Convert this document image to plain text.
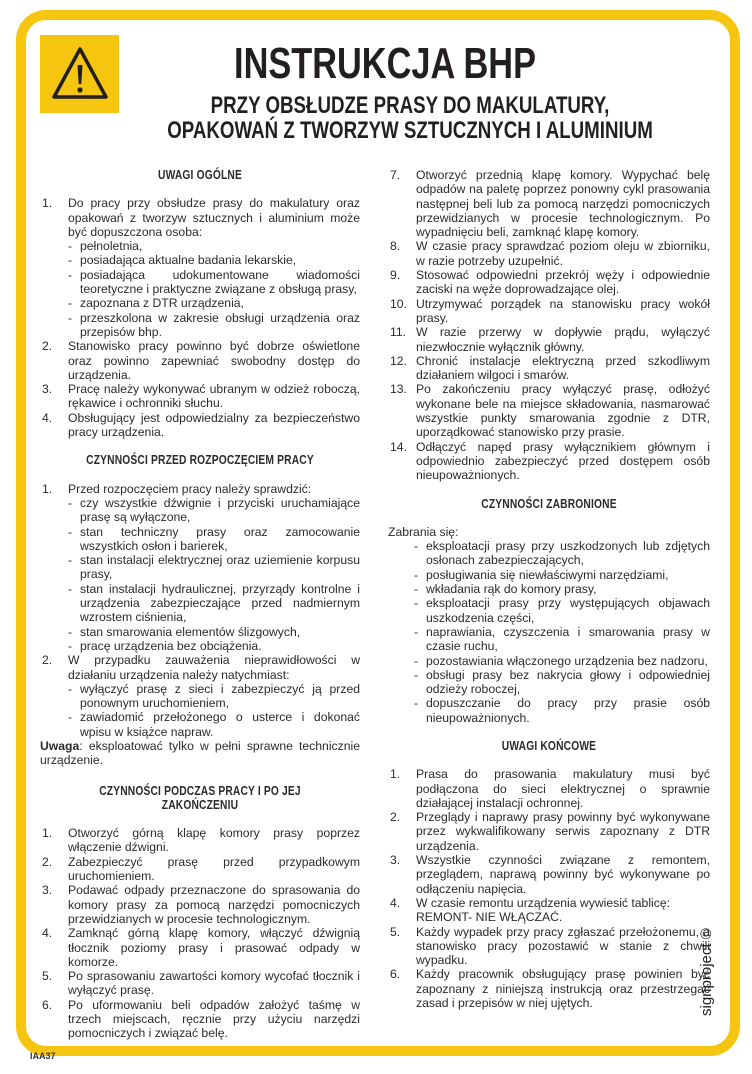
INSTRUKCJA BHP
PRZY OBSŁUDZE PRASY DO MAKULATURY,
OPAKOWAŃ Z TWORZYW SZTUCZNYCH I ALUMINIUM

UWAGI OGÓLNE

1. Do pracy przy obsłudze prasy do makulatury oraz opakowań z tworzyw sztucznych i aluminium może być dopuszczona osoba:

- pełnoletnia,
- posiadająca aktualne badania lekarskie,
- posiadająca udokumentowane wiadomości teoretyczne i praktyczne związane z obsługą prasy,
- zapoznana z DTR urządzenia,
- przeszkolona w zakresie obsługi urządzenia oraz przepisów bhp.
2. Stanowisko pracy powinno być dobrze oświetlone oraz powinno zapewniać swobodny dostęp do urządzenia.

3. Pracę należy wykonywać ubranym w odzież roboczą, rękawice i ochronniki słuchu.

4. Obsługujący jest odpowiedzialny za bezpieczeństwo pracy urządzenia.

CZYNNOŚCI PRZED ROZPOCZĘCIEM PRACY

1. Przed rozpoczęciem pracy należy sprawdzić:

- czy wszystkie dźwignie i przyciski uruchamiające prasę są wyłączone,
- stan techniczny prasy oraz zamocowanie wszystkich osłon i barierek,
- stan instalacji elektrycznej oraz uziemienie korpusu prasy,
- stan instalacji hydraulicznej, przyrządy kontrolne i urządzenia zabezpieczające przed nadmiernym wzrostem ciśnienia,
- stan smarowania elementów ślizgowych,
- pracę urządzenia bez obciążenia.
2. W przypadku zauważenia nieprawidłowości w działaniu urządzenia należy natychmiast:

- wyłączyć prasę z sieci i zabezpieczyć ją przed ponownym uruchomieniem,
- zawiadomić przełożonego o usterce i dokonać wpisu w książce napraw.

Uwaga: eksploatować tylko w pełni sprawne technicznie urządzenie.

CZYNNOŚCI PODCZAS PRACY I PO JEJ ZAKOŃCZENIU

1. Otworzyć górną klapę komory prasy poprzez włączenie dźwigni.

2. Zabezpieczyć prasę przed przypadkowym uruchomieniem.

3. Podawać odpady przeznaczone do sprasowania do komory prasy za pomocą narzędzi pomocniczych przewidzianych w procesie technologicznym.

4. Zamknąć górną klapę komory, włączyć dźwignią tłocznik poziomy prasy i prasować odpady w komorze.

5. Po sprasowaniu zawartości komory wycofać tłocznik i wyłączyć prasę.

6. Po uformowaniu beli odpadów założyć taśmę w trzech miejscach, ręcznie przy użyciu narzędzi pomocniczych i związać belę.

7. Otworzyć przednią klapę komory. Wypychać belę odpadów na paletę poprzez ponowny cykl prasowania następnej beli lub za pomocą narzędzi pomocniczych przewidzianych w procesie technologicznym. Po wypadnięciu beli, zamknąć klapę komory.

8. W czasie pracy sprawdzać poziom oleju w zbiorniku, w razie potrzeby uzupełnić.

9. Stosować odpowiedni przekrój węży i odpowiednie zaciski na węże doprowadzające olej.

10. Utrzymywać porządek na stanowisku pracy wokół prasy.

11. W razie przerwy w dopływie prądu, wyłączyć niezwłocznie wyłącznik główny.

12. Chronić instalacje elektryczną przed szkodliwym działaniem wilgoci i smarów.

13. Po zakończeniu pracy wyłączyć prasę, odłożyć wykonane bele na miejsce składowania, nasmarować wszystkie punkty smarowania zgodnie z DTR, uporządkować stanowisko przy prasie.

14. Odłączyć napęd prasy wyłącznikiem głównym i odpowiednio zabezpieczyć przed dostępem osób nieupoważnionych.

CZYNNOŚCI ZABRONIONE

Zabrania się:

- eksploatacji prasy przy uszkodzonych lub zdjętych osłonach zabezpieczających,
- posługiwania się niewłaściwymi narzędziami,
- wkładania rąk do komory prasy,
- eksploatacji prasy przy występujących objawach uszkodzenia części,
- naprawiania, czyszczenia i smarowania prasy w czasie ruchu,
- pozostawiania włączonego urządzenia bez nadzoru,
- obsługi prasy bez nakrycia głowy i odpowiedniej odzieży roboczej,
- dopuszczanie do pracy przy prasie osób nieupoważnionych.

UWAGI KOŃCOWE

1. Prasa do prasowania makulatury musi być podłączona do sieci elektrycznej o sprawnie działającej instalacji ochronnej.

2. Przeglądy i naprawy prasy powinny być wykonywane przez wykwalifikowany serwis zapoznany z DTR urządzenia.

3. Wszystkie czynności związane z remontem, przeglądem, naprawą powinny być wykonywane po odłączeniu napięcia.

4. W czasie remontu urządzenia wywiesić tablicę: REMONT- NIE WŁĄCZAĆ.

5. Każdy wypadek przy pracy zgłaszać przełożonemu, a stanowisko pracy pozostawić w stanie z chwili wypadku.

6. Każdy pracownik obsługujący prasę powinien być zapoznany z niniejszą instrukcją oraz przestrzegać zasad i przepisów w niej ujętych.	signproject ©
IAA37
